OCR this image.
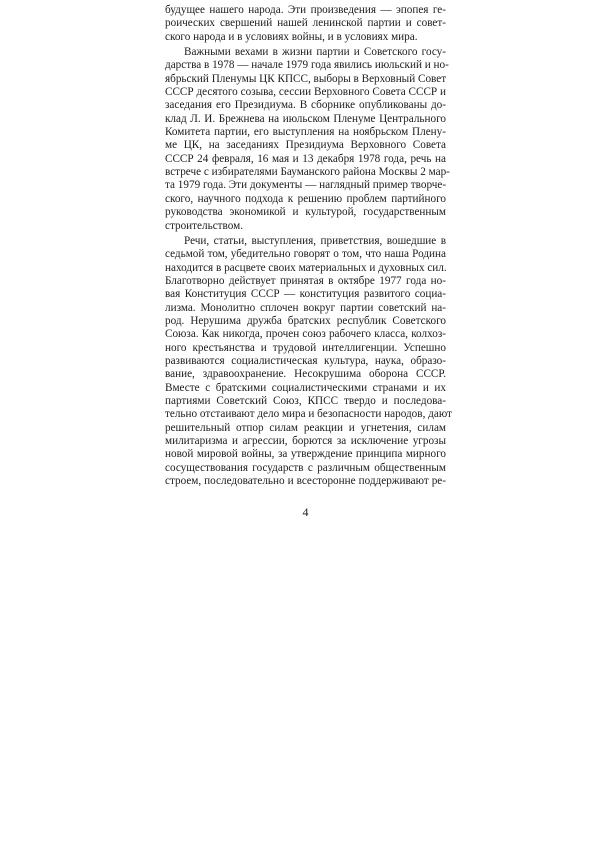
будущее нашего народа. Эти произведения — эпопея ге-
роических свершений нашей ленинской партии и совет-
ского народа и в условиях войны, и в условиях мира.
Важными вехами в жизни партии и Советского госу-
дарства в 1978 — начале 1979 года явились июльский и но-
ябрьский Пленумы ЦК КПСС, выборы в Верховный Совет
СССР десятого созыва, сессии Верховного Совета СССР и
заседания его Президиума. В сборнике опубликованы до-
клад Л. И. Брежнева на июльском Пленуме Центрального
Комитета партии, его выступления на ноябрьском Плену-
ме ЦК, на заседаниях Президиума Верховного Совета
СССР 24 февраля, 16 мая и 13 декабря 1978 года, речь на
встрече с избирателями Бауманского района Москвы 2 мар-
та 1979 года. Эти документы — наглядный пример творче-
ского, научного подхода к решению проблем партийного
руководства экономикой и культурой, государственным
строительством.
Речи, статьи, выступления, приветствия, вошедшие в
седьмой том, убедительно говорят о том, что наша Родина
находится в расцвете своих материальных и духовных сил.
Благотворно действует принятая в октябре 1977 года но-
вая Конституция СССР — конституция развитого социа-
лизма. Монолитно сплочен вокруг партии советский на-
род. Нерушима дружба братских республик Советского
Союза. Как никогда, прочен союз рабочего класса, колхоз-
ного крестьянства и трудовой интеллигенции. Успешно
развиваются социалистическая культура, наука, образо-
вание, здравоохранение. Несокрушима оборона СССР.
Вместе с братскими социалистическими странами и их
партиями Советский Союз, КПСС твердо и последова-
тельно отстаивают дело мира и безопасности народов, дают
решительный отпор силам реакции и угнетения, силам
милитаризма и агрессии, борются за исключение угрозы
новой мировой войны, за утверждение принципа мирного
сосуществования государств с различным общественным
строем, последовательно и всесторонне поддерживают ре-
4
